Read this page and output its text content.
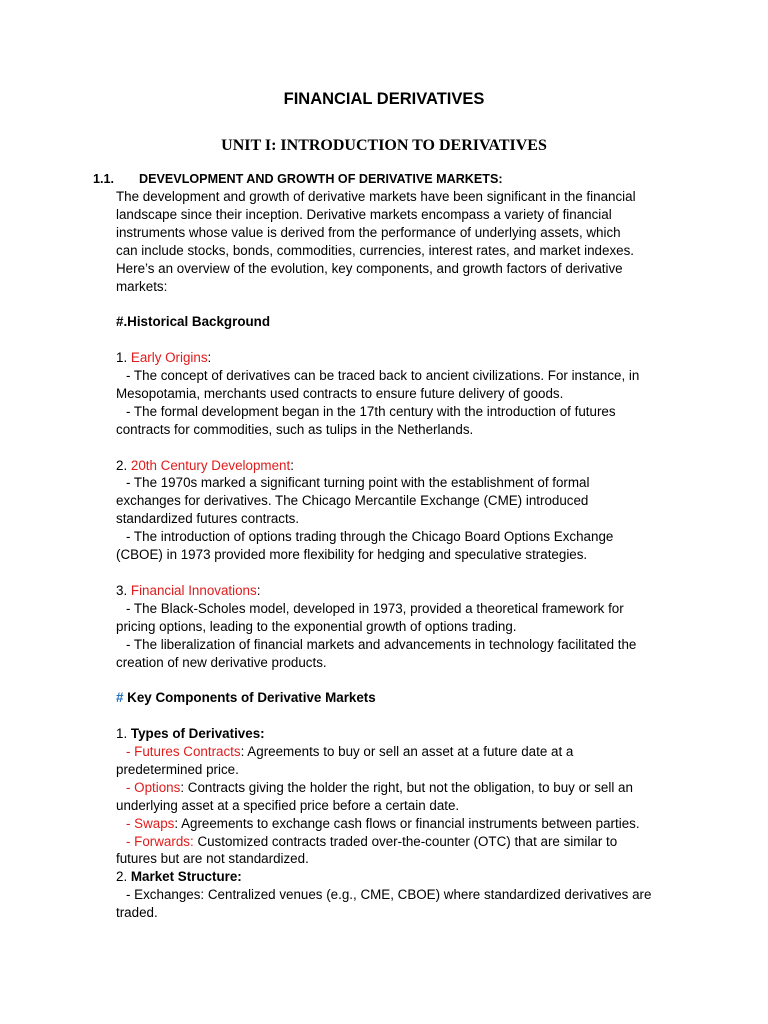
FINANCIAL DERIVATIVES
UNIT I: INTRODUCTION TO DERIVATIVES
1.1. DEVEVLOPMENT AND GROWTH OF DERIVATIVE MARKETS:

The development and growth of derivative markets have been significant in the financial

landscape since their inception. Derivative markets encompass a variety of financial

instruments whose value is derived from the performance of underlying assets, which

can include stocks, bonds, commodities, currencies, interest rates, and market indexes.

Here’s an overview of the evolution, key components, and growth factors of derivative

markets:

#.Historical Background

1. Early Origins:

- The concept of derivatives can be traced back to ancient civilizations. For instance, in

Mesopotamia, merchants used contracts to ensure future delivery of goods.

- The formal development began in the 17th century with the introduction of futures

contracts for commodities, such as tulips in the Netherlands.

2. 20th Century Development:

- The 1970s marked a significant turning point with the establishment of formal

exchanges for derivatives. The Chicago Mercantile Exchange (CME) introduced

standardized futures contracts.

- The introduction of options trading through the Chicago Board Options Exchange

(CBOE) in 1973 provided more flexibility for hedging and speculative strategies.

3. Financial Innovations:

- The Black-Scholes model, developed in 1973, provided a theoretical framework for

pricing options, leading to the exponential growth of options trading.

- The liberalization of financial markets and advancements in technology facilitated the

creation of new derivative products.

# Key Components of Derivative Markets

1. Types of Derivatives:

- Futures Contracts: Agreements to buy or sell an asset at a future date at a

predetermined price.

- Options: Contracts giving the holder the right, but not the obligation, to buy or sell an

underlying asset at a specified price before a certain date.

- Swaps: Agreements to exchange cash flows or financial instruments between parties.

- Forwards: Customized contracts traded over-the-counter (OTC) that are similar to

futures but are not standardized.

2. Market Structure:

- Exchanges: Centralized venues (e.g., CME, CBOE) where standardized derivatives are

traded.
